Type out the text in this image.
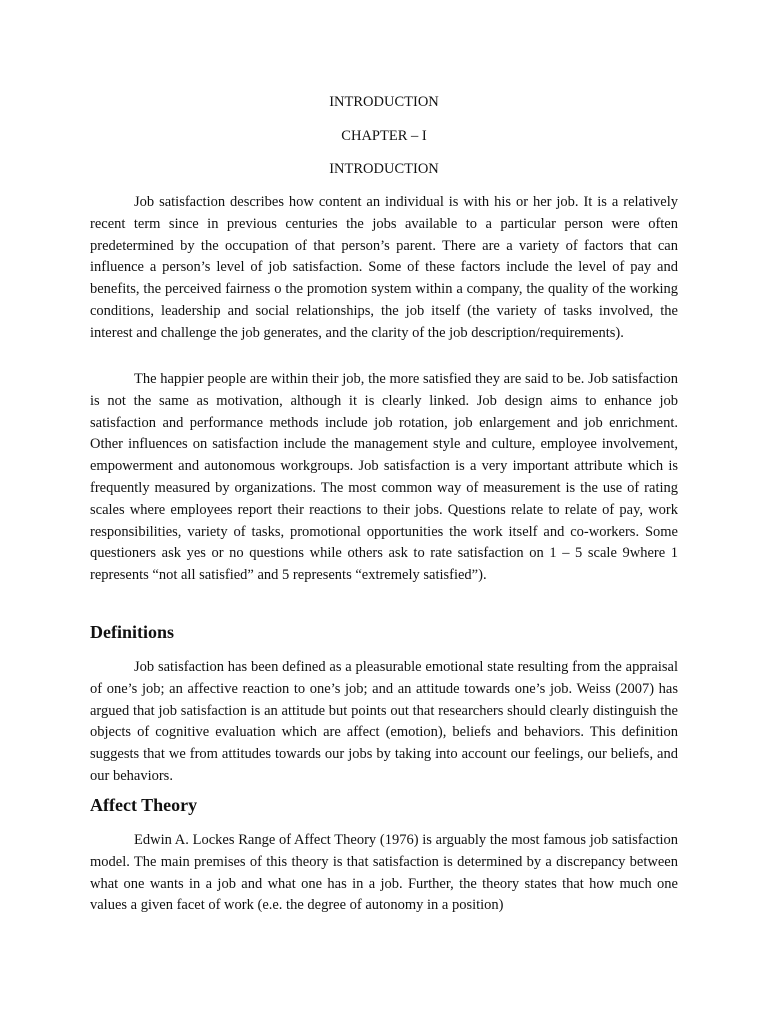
INTRODUCTION

CHAPTER – I

INTRODUCTION

Job satisfaction describes how content an individual is with his or her job. It is a relatively recent term since in previous centuries the jobs available to a particular person were often predetermined by the occupation of that person’s parent. There are a variety of factors that can influence a person’s level of job satisfaction. Some of these factors include the level of pay and benefits, the perceived fairness o the promotion system within a company, the quality of the working conditions, leadership and social relationships, the job itself (the variety of tasks involved, the interest and challenge the job generates, and the clarity of the job description/requirements).

The happier people are within their job, the more satisfied they are said to be. Job satisfaction is not the same as motivation, although it is clearly linked. Job design aims to enhance job satisfaction and performance methods include job rotation, job enlargement and job enrichment. Other influences on satisfaction include the management style and culture, employee involvement, empowerment and autonomous workgroups. Job satisfaction is a very important attribute which is frequently measured by organizations. The most common way of measurement is the use of rating scales where employees report their reactions to their jobs. Questions relate to relate of pay, work responsibilities, variety of tasks, promotional opportunities the work itself and co-workers. Some questioners ask yes or no questions while others ask to rate satisfaction on 1 – 5 scale 9where 1 represents “not all satisfied” and 5 represents “extremely satisfied”).

Definitions

Job satisfaction has been defined as a pleasurable emotional state resulting from the appraisal of one’s job; an affective reaction to one’s job; and an attitude towards one’s job. Weiss (2007) has argued that job satisfaction is an attitude but points out that researchers should clearly distinguish the objects of cognitive evaluation which are affect (emotion), beliefs and behaviors. This definition suggests that we from attitudes towards our jobs by taking into account our feelings, our beliefs, and our behaviors.

Affect Theory

Edwin A. Lockes Range of Affect Theory (1976) is arguably the most famous job satisfaction model. The main premises of this theory is that satisfaction is determined by a discrepancy between what one wants in a job and what one has in a job. Further, the theory states that how much one values a given facet of work (e.e. the degree of autonomy in a position)
